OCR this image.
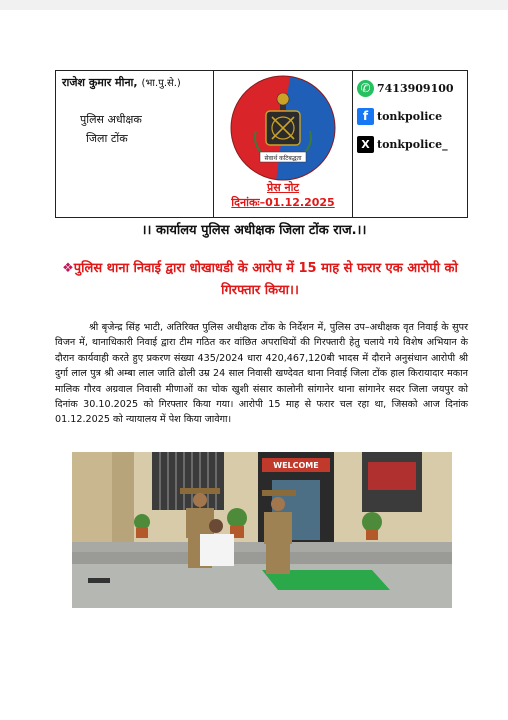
राजेश कुमार मीना, (भा.पु.से.)
पुलिस अधीक्षक
जिला टोंक
सेवार्थ कटिबद्धता
प्रेस नोट
दिनांकः–01.12.2025
✆ 7413909100
f tonkpolice
X tonkpolice_
।। कार्यालय पुलिस अधीक्षक जिला टोंक राज.।।
❖पुलिस थाना निवाई द्वारा धोखाधडी के आरोप में 15 माह से फरार एक आरोपी को गिरफ्तार किया।।

श्री बृजेन्द्र सिंह भाटी, अतिरिक्त पुलिस अधीक्षक टोंक के निर्देशन में, पुलिस उप–अधीक्षक वृत निवाई के सुपर विजन में, थानाधिकारी निवाई द्वारा टीम गठित कर वांछित अपराधियों की गिरफ्तारी हेतु चलाये गये विशेष अभियान के दौरान कार्यवाही करते हुए प्रकरण संख्या 435/2024 धारा 420,467,120बी भादस में दौराने अनुसंधान आरोपी श्री दुर्गा लाल पुत्र श्री अम्बा लाल जाति ढोली उम्र 24 साल निवासी खण्देवत थाना निवाई जिला टोंक हाल किरायादार मकान मालिक गौरव अग्रवाल निवासी मीणाओं का चोक खुशी संसार कालोनी सांगानेर थाना सांगानेर सदर जिला जयपुर को दिनांक 30.10.2025 को गिरफ्तार किया गया। आरोपी 15 माह से फरार चल रहा था, जिसको आज दिनांक 01.12.2025 को न्यायालय में पेश किया जावेगा।

WELCOME
